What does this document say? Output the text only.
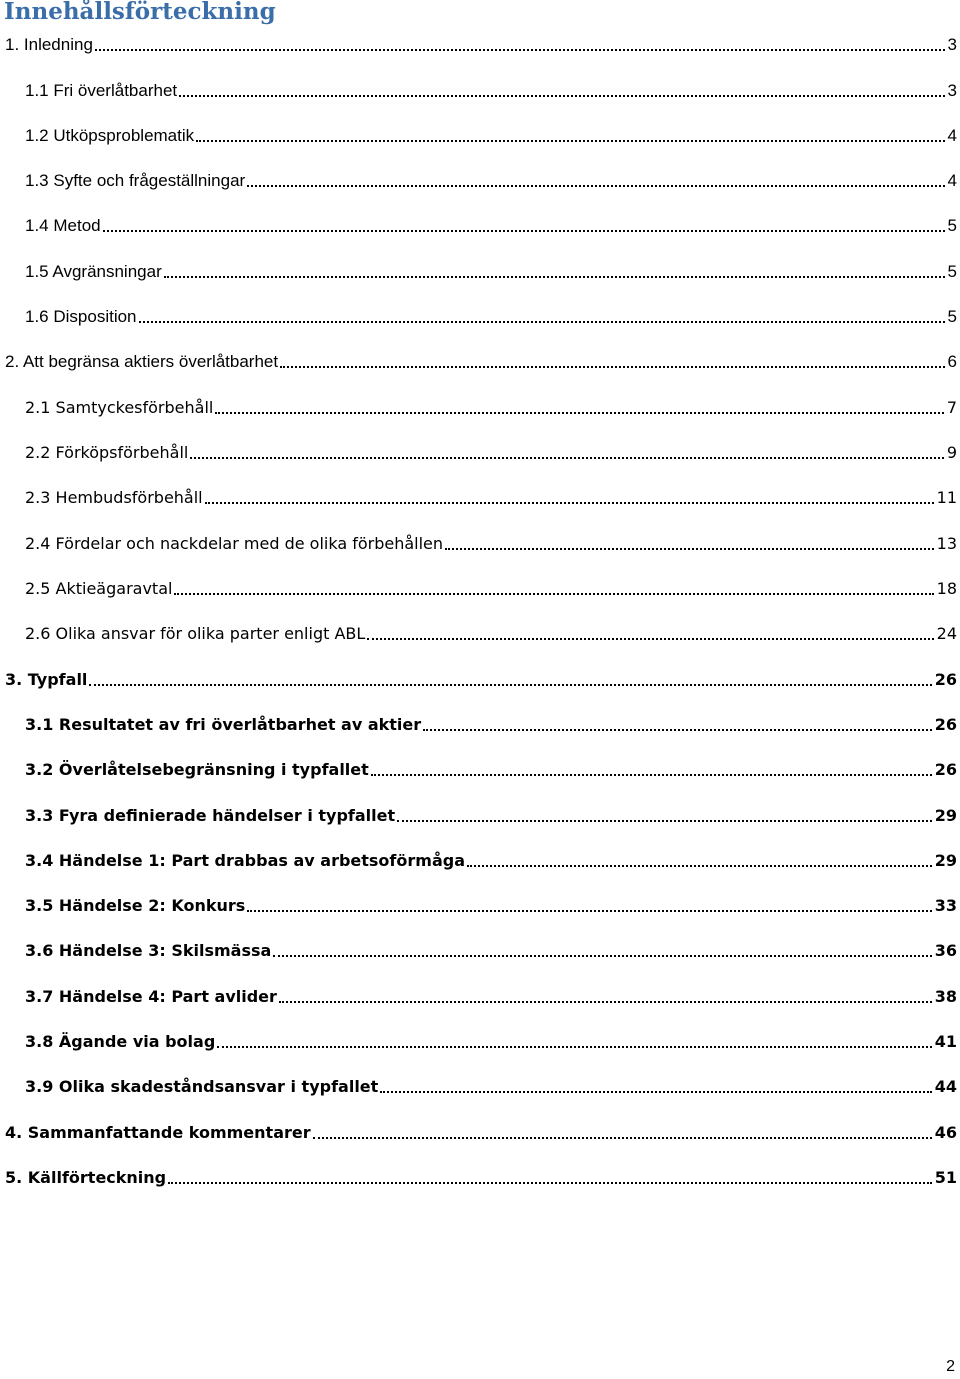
Innehållsförteckning
1. Inledning	3
1.1 Fri överlåtbarhet	3
1.2 Utköpsproblematik	4
1.3 Syfte och frågeställningar	4
1.4 Metod	5
1.5 Avgränsningar	5
1.6 Disposition	5
2. Att begränsa aktiers överlåtbarhet	6
2.1 Samtyckesförbehåll	7
2.2 Förköpsförbehåll	9
2.3 Hembudsförbehåll	11
2.4 Fördelar och nackdelar med de olika förbehållen	13
2.5 Aktieägaravtal	18
2.6 Olika ansvar för olika parter enligt ABL	24
3. Typfall	26
3.1 Resultatet av fri överlåtbarhet av aktier	26
3.2 Överlåtelsebegränsning i typfallet	26
3.3 Fyra definierade händelser i typfallet	29
3.4 Händelse 1: Part drabbas av arbetsoförmåga	29
3.5 Händelse 2: Konkurs	33
3.6 Händelse 3: Skilsmässa	36
3.7 Händelse 4: Part avlider	38
3.8 Ägande via bolag	41
3.9 Olika skadeståndsansvar i typfallet	44
4. Sammanfattande kommentarer	46
5. Källförteckning	51
2
